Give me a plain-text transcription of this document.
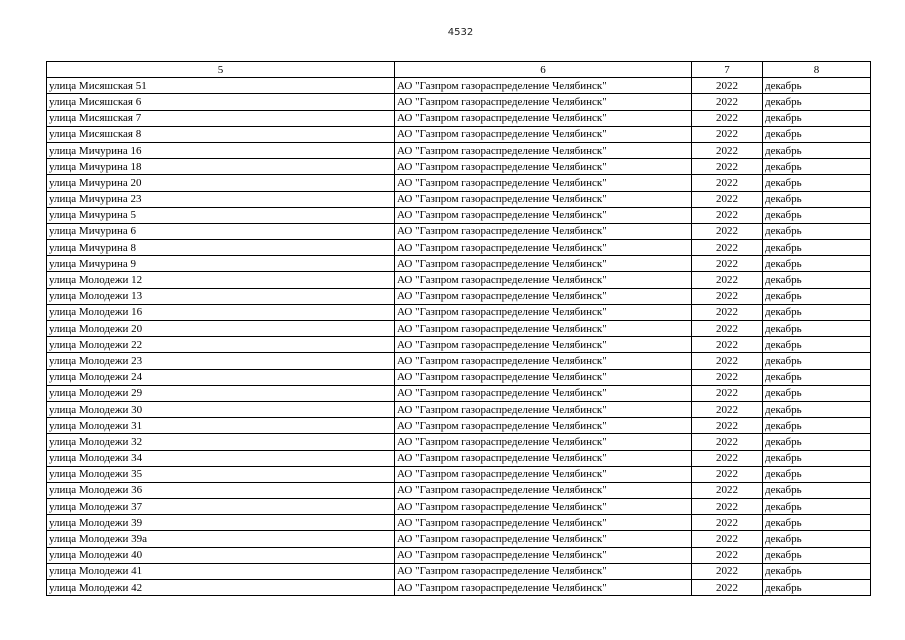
4532
5	6	7	8
улица Мисяшская 51	АО "Газпром газораспределение Челябинск"	2022	декабрь
улица Мисяшская 6	АО "Газпром газораспределение Челябинск"	2022	декабрь
улица Мисяшская 7	АО "Газпром газораспределение Челябинск"	2022	декабрь
улица Мисяшская 8	АО "Газпром газораспределение Челябинск"	2022	декабрь
улица Мичурина 16	АО "Газпром газораспределение Челябинск"	2022	декабрь
улица Мичурина 18	АО "Газпром газораспределение Челябинск"	2022	декабрь
улица Мичурина 20	АО "Газпром газораспределение Челябинск"	2022	декабрь
улица Мичурина 23	АО "Газпром газораспределение Челябинск"	2022	декабрь
улица Мичурина 5	АО "Газпром газораспределение Челябинск"	2022	декабрь
улица Мичурина 6	АО "Газпром газораспределение Челябинск"	2022	декабрь
улица Мичурина 8	АО "Газпром газораспределение Челябинск"	2022	декабрь
улица Мичурина 9	АО "Газпром газораспределение Челябинск"	2022	декабрь
улица Молодежи 12	АО "Газпром газораспределение Челябинск"	2022	декабрь
улица Молодежи 13	АО "Газпром газораспределение Челябинск"	2022	декабрь
улица Молодежи 16	АО "Газпром газораспределение Челябинск"	2022	декабрь
улица Молодежи 20	АО "Газпром газораспределение Челябинск"	2022	декабрь
улица Молодежи 22	АО "Газпром газораспределение Челябинск"	2022	декабрь
улица Молодежи 23	АО "Газпром газораспределение Челябинск"	2022	декабрь
улица Молодежи 24	АО "Газпром газораспределение Челябинск"	2022	декабрь
улица Молодежи 29	АО "Газпром газораспределение Челябинск"	2022	декабрь
улица Молодежи 30	АО "Газпром газораспределение Челябинск"	2022	декабрь
улица Молодежи 31	АО "Газпром газораспределение Челябинск"	2022	декабрь
улица Молодежи 32	АО "Газпром газораспределение Челябинск"	2022	декабрь
улица Молодежи 34	АО "Газпром газораспределение Челябинск"	2022	декабрь
улица Молодежи 35	АО "Газпром газораспределение Челябинск"	2022	декабрь
улица Молодежи 36	АО "Газпром газораспределение Челябинск"	2022	декабрь
улица Молодежи 37	АО "Газпром газораспределение Челябинск"	2022	декабрь
улица Молодежи 39	АО "Газпром газораспределение Челябинск"	2022	декабрь
улица Молодежи 39а	АО "Газпром газораспределение Челябинск"	2022	декабрь
улица Молодежи 40	АО "Газпром газораспределение Челябинск"	2022	декабрь
улица Молодежи 41	АО "Газпром газораспределение Челябинск"	2022	декабрь
улица Молодежи 42	АО "Газпром газораспределение Челябинск"	2022	декабрь
